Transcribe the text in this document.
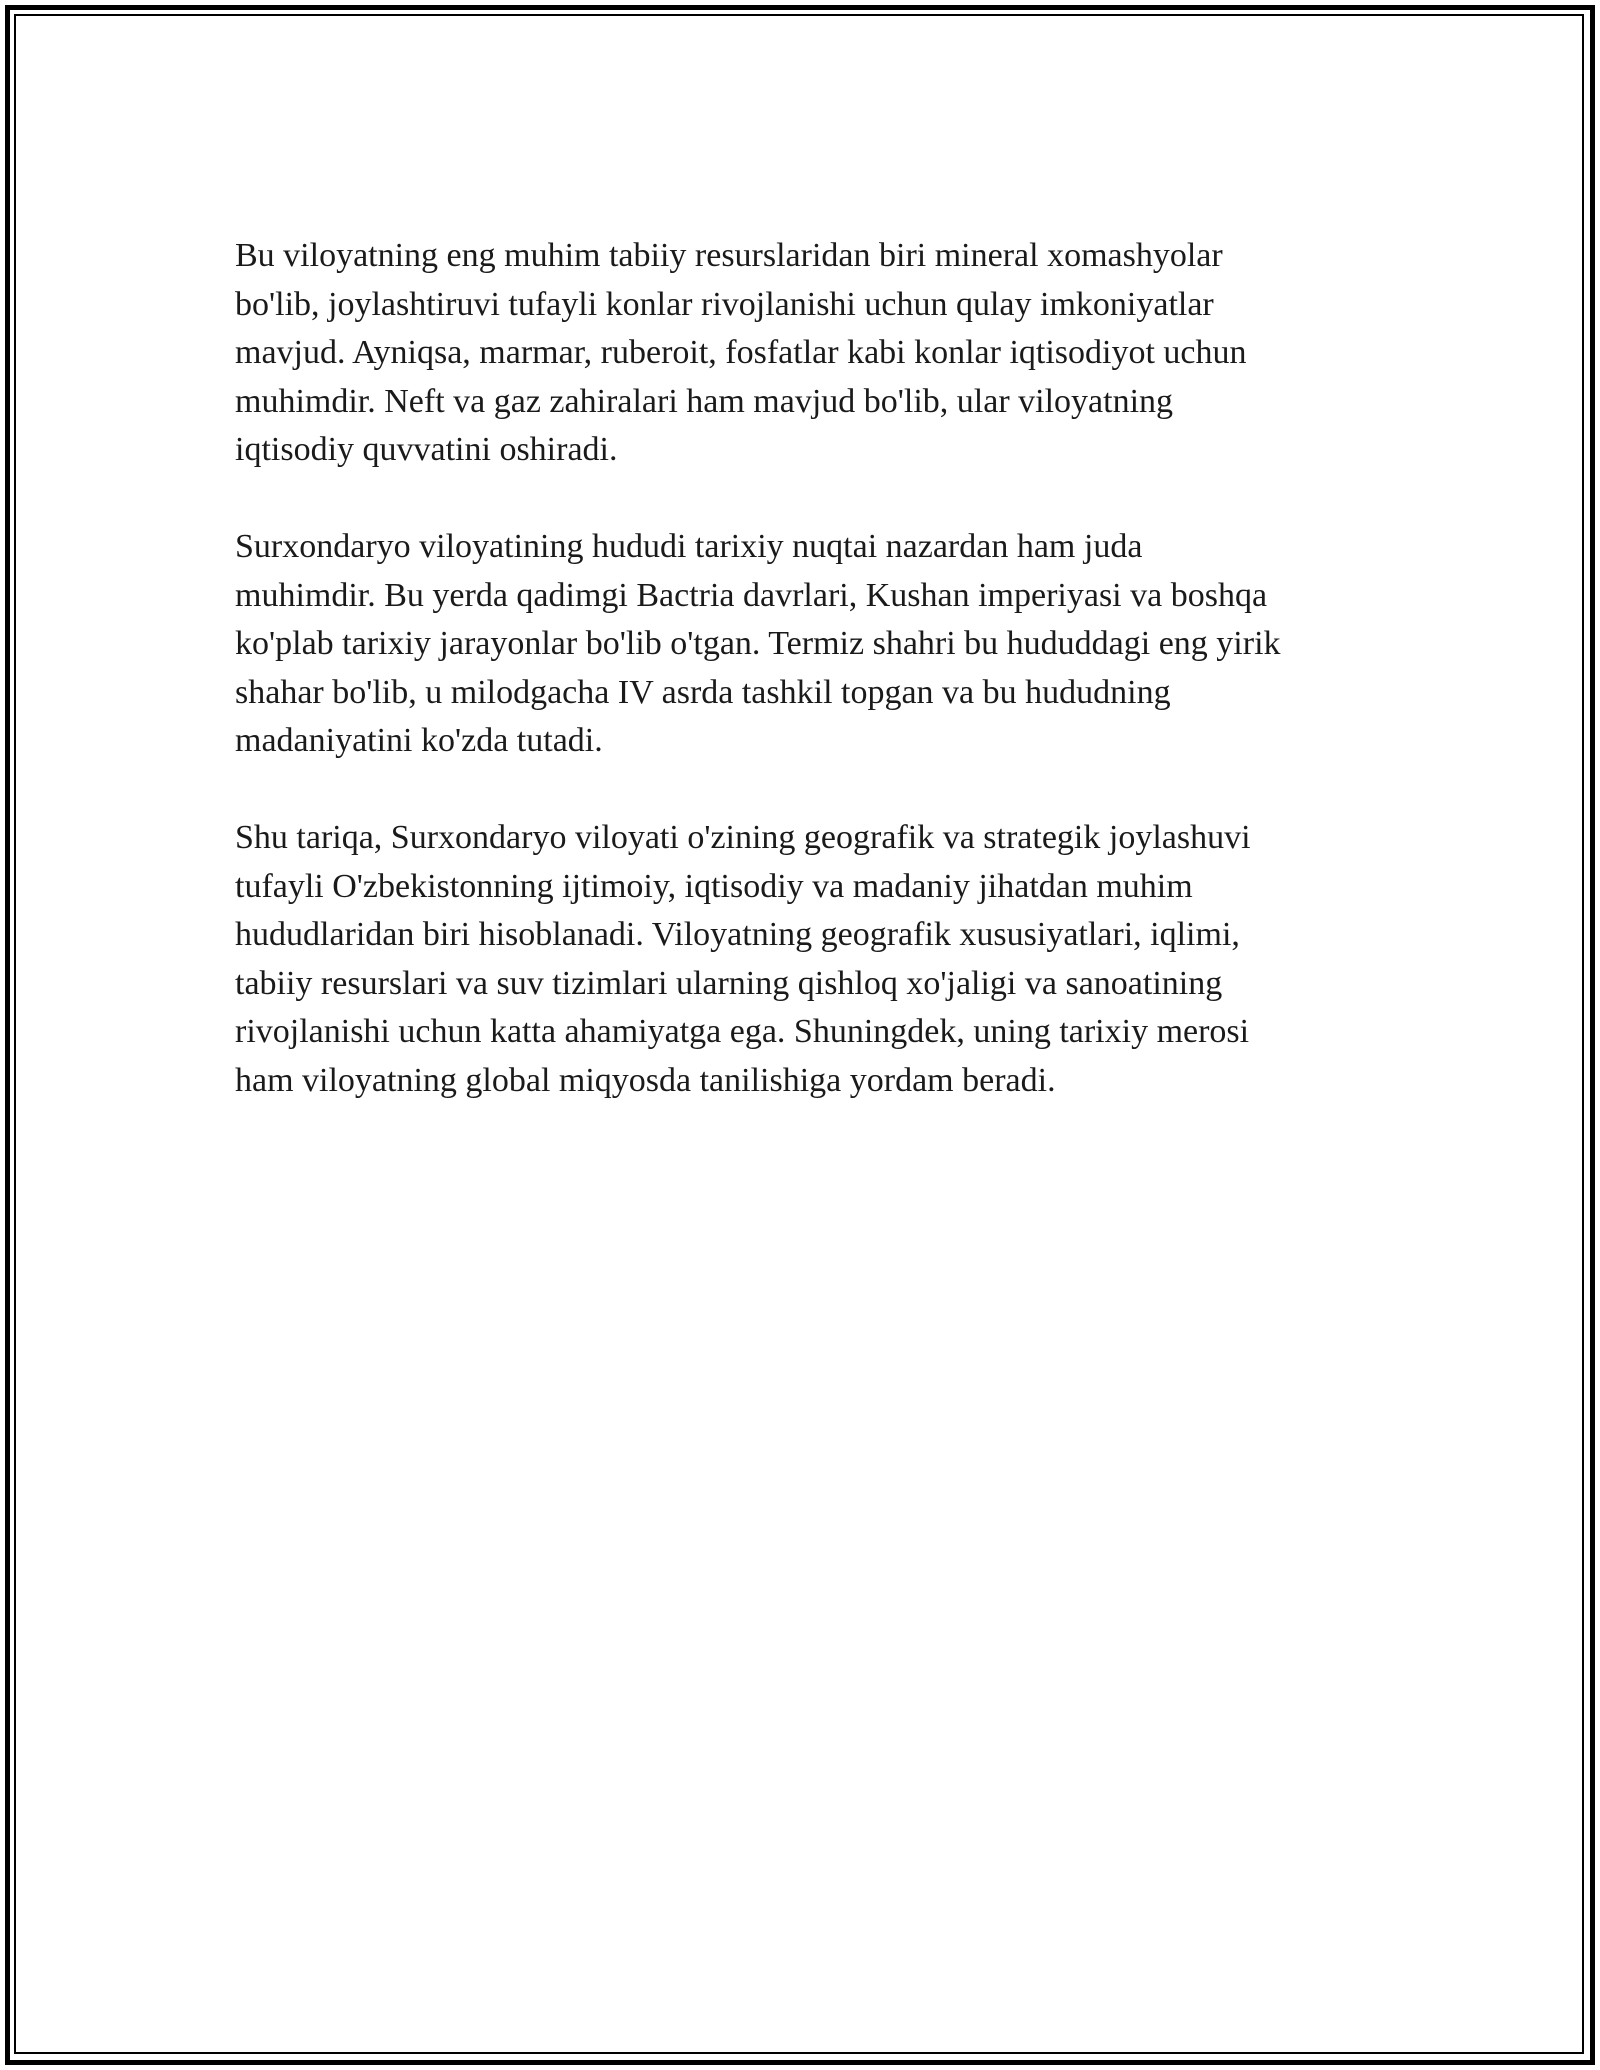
Bu viloyatning eng muhim tabiiy resurslaridan biri mineral xomashyolar
bo'lib, joylashtiruvi tufayli konlar rivojlanishi uchun qulay imkoniyatlar
mavjud. Ayniqsa, marmar, ruberoit, fosfatlar kabi konlar iqtisodiyot uchun
muhimdir. Neft va gaz zahiralari ham mavjud bo'lib, ular viloyatning
iqtisodiy quvvatini oshiradi.

Surxondaryo viloyatining hududi tarixiy nuqtai nazardan ham juda
muhimdir. Bu yerda qadimgi Bactria davrlari, Kushan imperiyasi va boshqa
ko'plab tarixiy jarayonlar bo'lib o'tgan. Termiz shahri bu hududdagi eng yirik
shahar bo'lib, u milodgacha IV asrda tashkil topgan va bu hududning
madaniyatini ko'zda tutadi.

Shu tariqa, Surxondaryo viloyati o'zining geografik va strategik joylashuvi
tufayli O'zbekistonning ijtimoiy, iqtisodiy va madaniy jihatdan muhim
hududlaridan biri hisoblanadi. Viloyatning geografik xususiyatlari, iqlimi,
tabiiy resurslari va suv tizimlari ularning qishloq xo'jaligi va sanoatining
rivojlanishi uchun katta ahamiyatga ega. Shuningdek, uning tarixiy merosi
ham viloyatning global miqyosda tanilishiga yordam beradi.
